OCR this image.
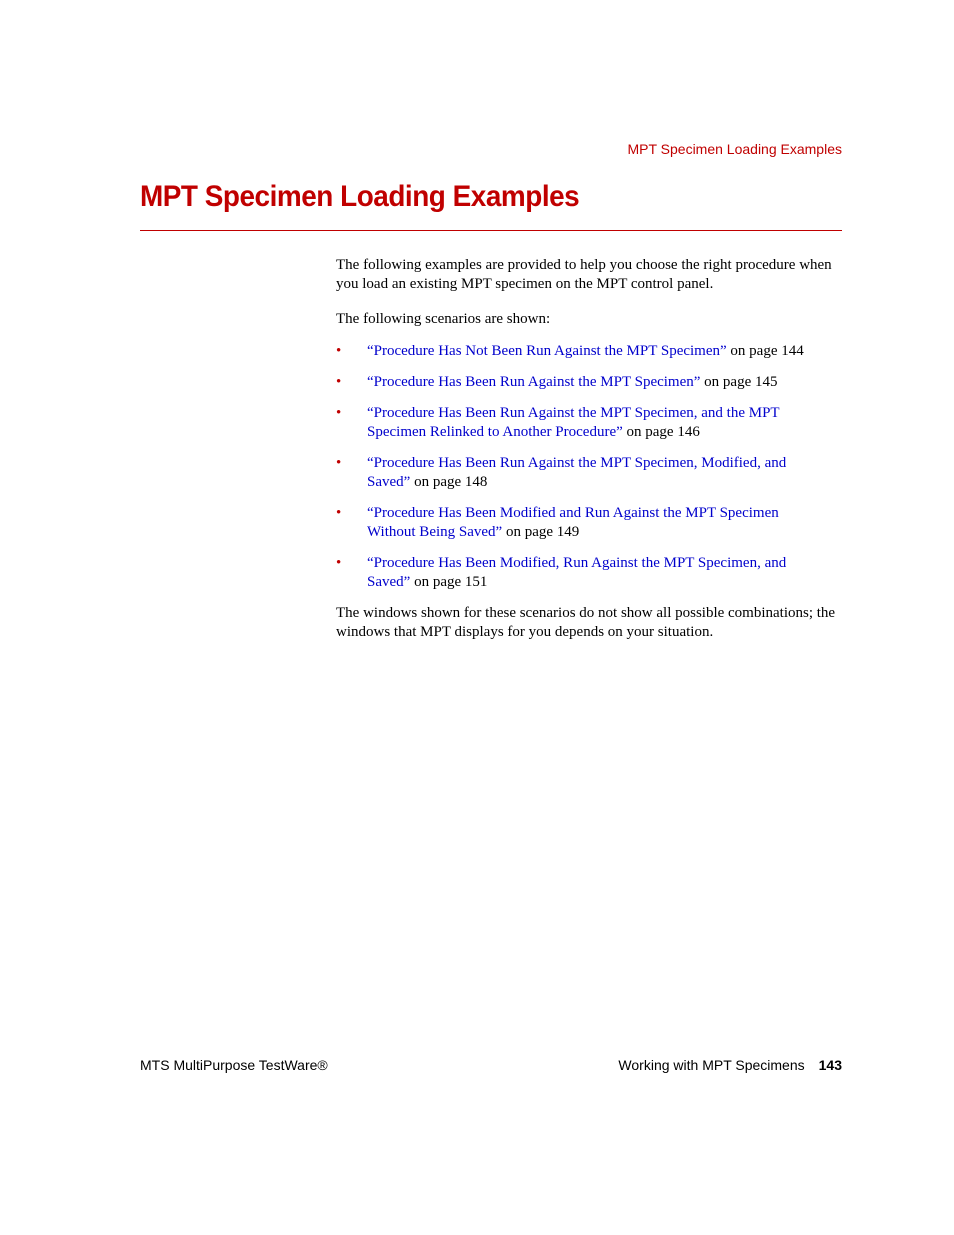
MPT Specimen Loading Examples
MPT Specimen Loading Examples

The following examples are provided to help you choose the right procedure when you load an existing MPT specimen on the MPT control panel.

The following scenarios are shown:

• “Procedure Has Not Been Run Against the MPT Specimen” on page 144
• “Procedure Has Been Run Against the MPT Specimen” on page 145
• “Procedure Has Been Run Against the MPT Specimen, and the MPT
Specimen Relinked to Another Procedure” on page 146
• “Procedure Has Been Run Against the MPT Specimen, Modified, and
Saved” on page 148
• “Procedure Has Been Modified and Run Against the MPT Specimen
Without Being Saved” on page 149
• “Procedure Has Been Modified, Run Against the MPT Specimen, and
Saved” on page 151

The windows shown for these scenarios do not show all possible combinations; the windows that MPT displays for you depends on your situation.

MTS MultiPurpose TestWare®	Working with MPT Specimens 143
